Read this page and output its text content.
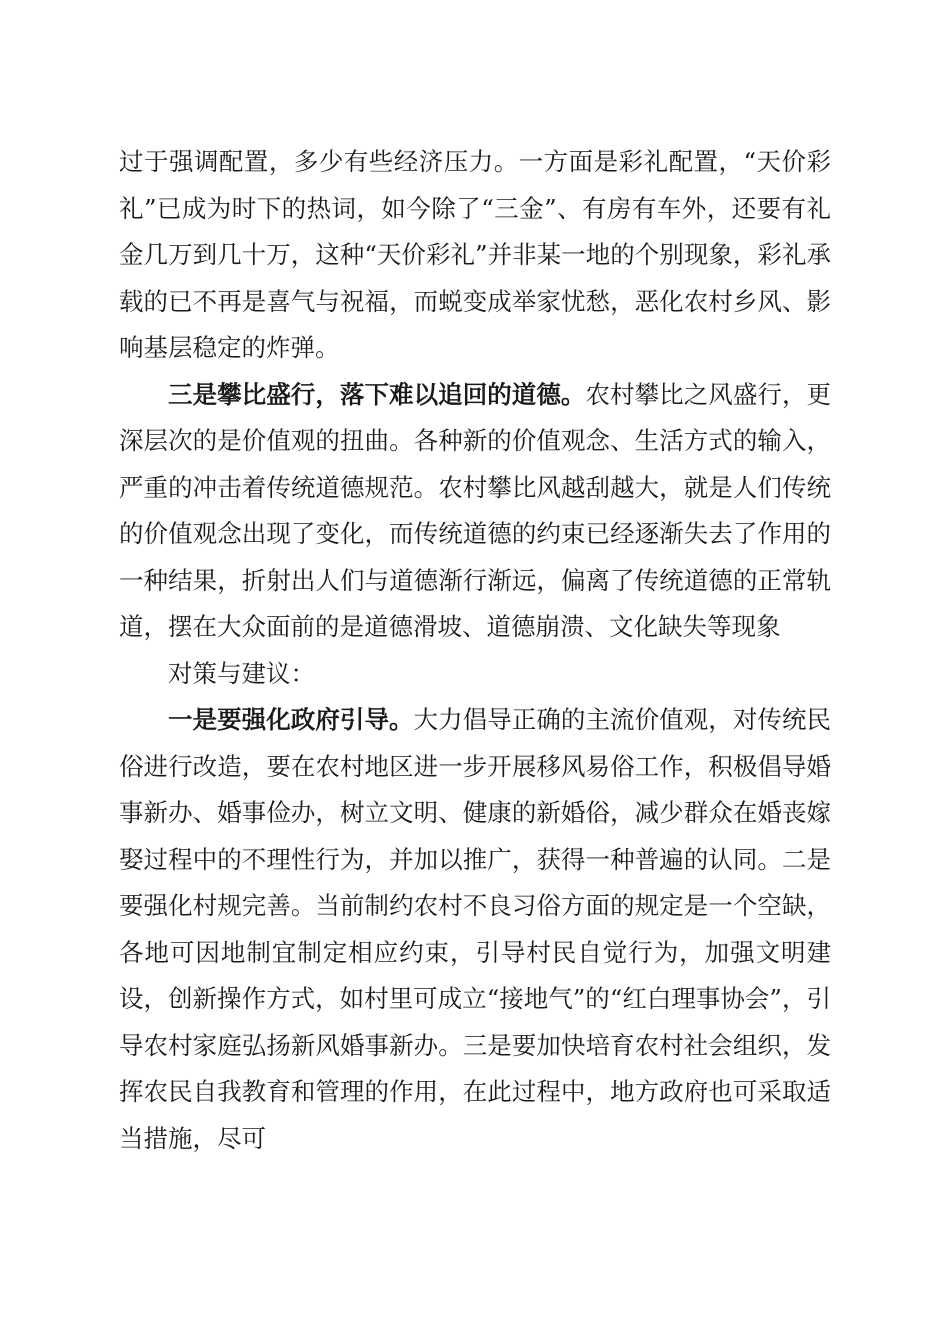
过于强调配置，多少有些经济压力。一方面是彩礼配置，“天价彩礼”已成为时下的热词，如今除了“三金”、有房有车外，还要有礼金几万到几十万，这种“天价彩礼”并非某一地的个别现象，彩礼承载的已不再是喜气与祝福，而蜕变成举家忧愁，恶化农村乡风、影响基层稳定的炸弹。

三是攀比盛行，落下难以追回的道德。农村攀比之风盛行，更深层次的是价值观的扭曲。各种新的价值观念、生活方式的输入，严重的冲击着传统道德规范。农村攀比风越刮越大，就是人们传统的价值观念出现了变化，而传统道德的约束已经逐渐失去了作用的一种结果，折射出人们与道德渐行渐远，偏离了传统道德的正常轨道，摆在大众面前的是道德滑坡、道德崩溃、文化缺失等现象

对策与建议：

一是要强化政府引导。大力倡导正确的主流价值观，对传统民俗进行改造，要在农村地区进一步开展移风易俗工作，积极倡导婚事新办、婚事俭办，树立文明、健康的新婚俗，减少群众在婚丧嫁娶过程中的不理性行为，并加以推广，获得一种普遍的认同。二是要强化村规完善。当前制约农村不良习俗方面的规定是一个空缺，各地可因地制宜制定相应约束，引导村民自觉行为，加强文明建设，创新操作方式，如村里可成立“接地气”的“红白理事协会”，引导农村家庭弘扬新风婚事新办。三是要加快培育农村社会组织，发挥农民自我教育和管理的作用，在此过程中，地方政府也可采取适当措施，尽可
